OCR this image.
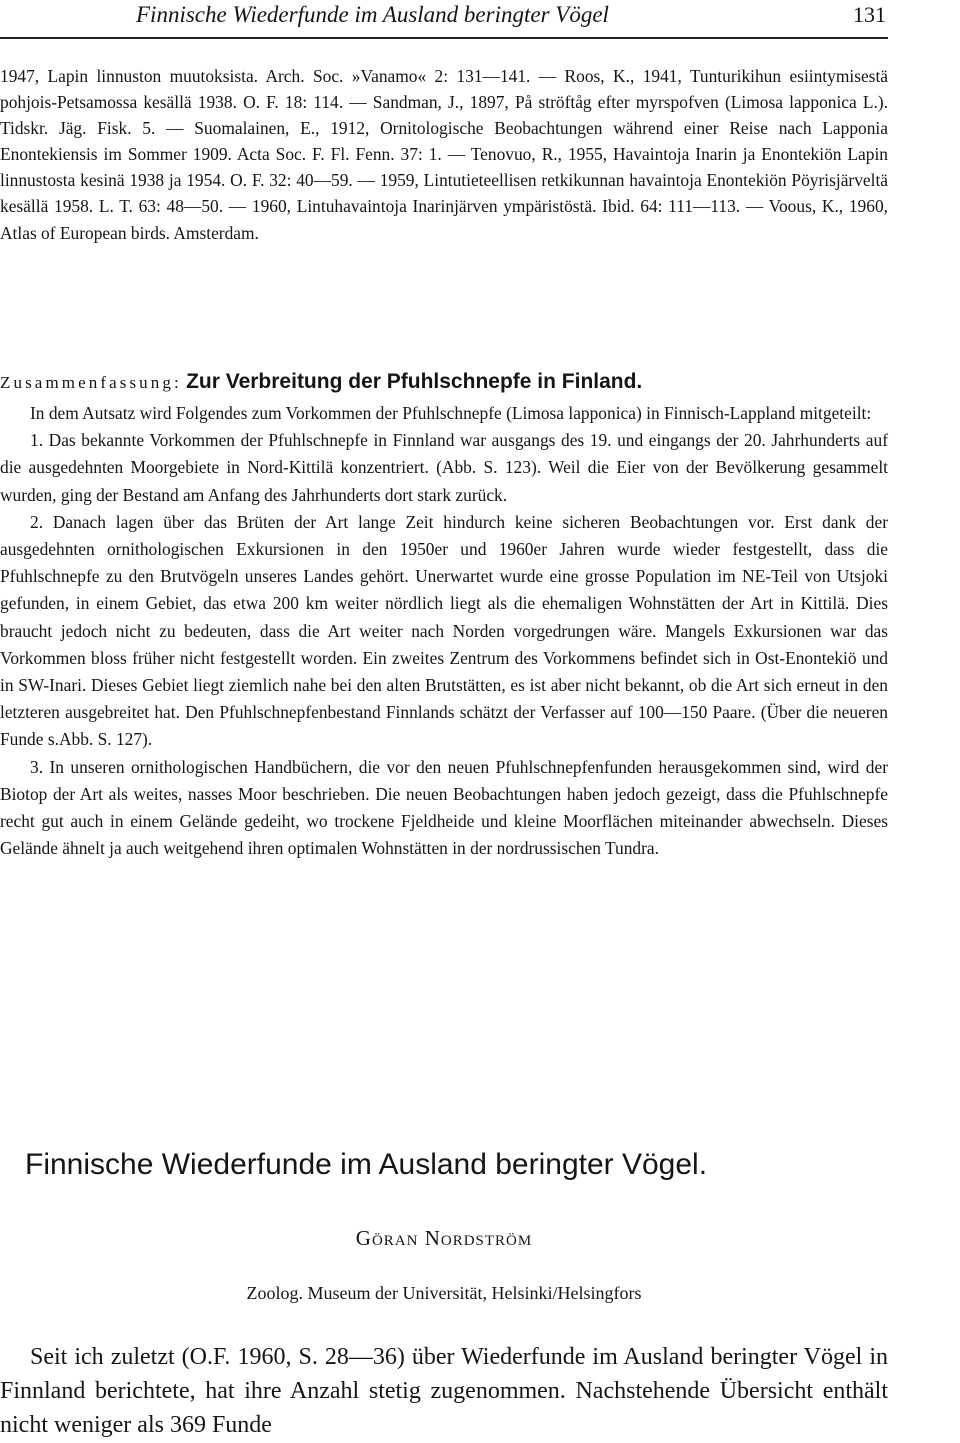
Finnische Wiederfunde im Ausland beringter Vögel	131

1947, Lapin linnuston muutoksista. Arch. Soc. »Vanamo« 2: 131—141. — Roos, K., 1941, Tunturikihun esiintymisestä pohjois-Petsamossa kesällä 1938. O. F. 18: 114. — Sandman, J., 1897, På ströftåg efter myrspofven (Limosa lapponica L.). Tidskr. Jäg. Fisk. 5. — Suomalainen, E., 1912, Ornitologische Beobachtungen während einer Reise nach Lapponia Enontekiensis im Sommer 1909. Acta Soc. F. Fl. Fenn. 37: 1. — Tenovuo, R., 1955, Havaintoja Inarin ja Enontekiön Lapin linnustosta kesinä 1938 ja 1954. O. F. 32: 40—59. — 1959, Lintutieteellisen retkikunnan havaintoja Enontekiön Pöyrisjärveltä kesällä 1958. L. T. 63: 48—50. — 1960, Lintuhavaintoja Inarinjärven ympäristöstä. Ibid. 64: 111—113. — Voous, K., 1960, Atlas of European birds. Amsterdam.

Zusammenfassung: Zur Verbreitung der Pfuhlschnepfe in Finland.

In dem Autsatz wird Folgendes zum Vorkommen der Pfuhlschnepfe (Limosa lapponica) in Finnisch-Lappland mitgeteilt:

1. Das bekannte Vorkommen der Pfuhlschnepfe in Finnland war ausgangs des 19. und eingangs der 20. Jahrhunderts auf die ausgedehnten Moorgebiete in Nord-Kittilä konzentriert. (Abb. S. 123). Weil die Eier von der Bevölkerung gesammelt wurden, ging der Bestand am Anfang des Jahrhunderts dort stark zurück.

2. Danach lagen über das Brüten der Art lange Zeit hindurch keine sicheren Beobachtungen vor. Erst dank der ausgedehnten ornithologischen Exkursionen in den 1950er und 1960er Jahren wurde wieder festgestellt, dass die Pfuhlschnepfe zu den Brutvögeln unseres Landes gehört. Unerwartet wurde eine grosse Population im NE-Teil von Utsjoki gefunden, in einem Gebiet, das etwa 200 km weiter nördlich liegt als die ehemaligen Wohnstätten der Art in Kittilä. Dies braucht jedoch nicht zu bedeuten, dass die Art weiter nach Norden vorgedrungen wäre. Mangels Exkursionen war das Vorkommen bloss früher nicht festgestellt worden. Ein zweites Zentrum des Vorkommens befindet sich in Ost-Enontekiö und in SW-Inari. Dieses Gebiet liegt ziemlich nahe bei den alten Brutstätten, es ist aber nicht bekannt, ob die Art sich erneut in den letzteren ausgebreitet hat. Den Pfuhlschnepfenbestand Finnlands schätzt der Verfasser auf 100—150 Paare. (Über die neueren Funde s.Abb. S. 127).

3. In unseren ornithologischen Handbüchern, die vor den neuen Pfuhlschnepfenfunden herausgekommen sind, wird der Biotop der Art als weites, nasses Moor beschrieben. Die neuen Beobachtungen haben jedoch gezeigt, dass die Pfuhlschnepfe recht gut auch in einem Gelände gedeiht, wo trockene Fjeldheide und kleine Moorflächen miteinander abwechseln. Dieses Gelände ähnelt ja auch weitgehend ihren optimalen Wohnstätten in der nordrussischen Tundra.

Finnische Wiederfunde im Ausland beringter Vögel.
Göran Nordström
Zoolog. Museum der Universität, Helsinki/Helsingfors

Seit ich zuletzt (O.F. 1960, S. 28—36) über Wiederfunde im Ausland beringter Vögel in Finnland berichtete, hat ihre Anzahl stetig zugenommen. Nachstehende Übersicht enthält nicht weniger als 369 Funde
